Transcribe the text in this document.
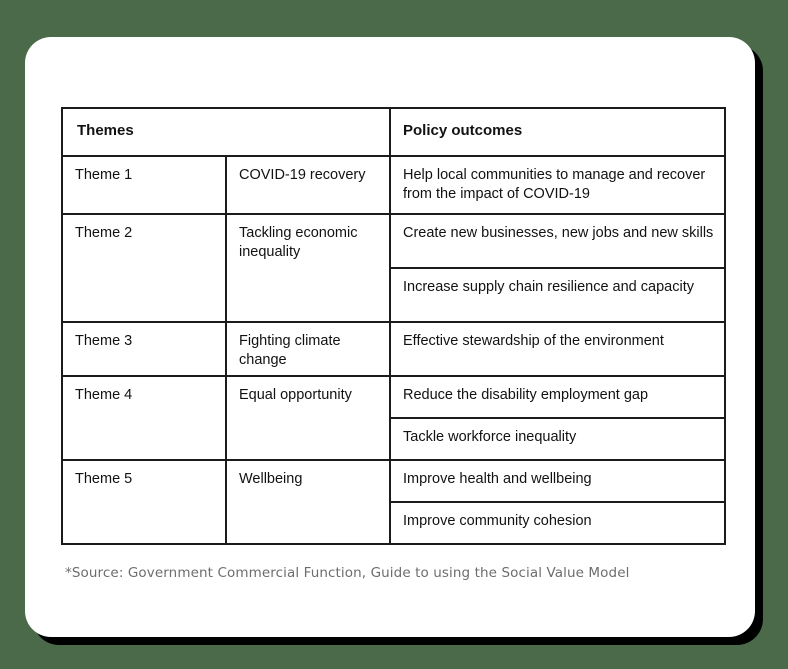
Themes		Policy outcomes

Theme 1	COVID-19 recovery	Help local communities to manage and recover from the impact of COVID-19

Theme 2	Tackling economic inequality	Create new businesses, new jobs and new skills

		Increase supply chain resilience and capacity

Theme 3	Fighting climate change	Effective stewardship of the environment

Theme 4	Equal opportunity	Reduce the disability employment gap

		Tackle workforce inequality

Theme 5	Wellbeing	Improve health and wellbeing

		Improve community cohesion
*Source: Government Commercial Function, Guide to using the Social Value Model
